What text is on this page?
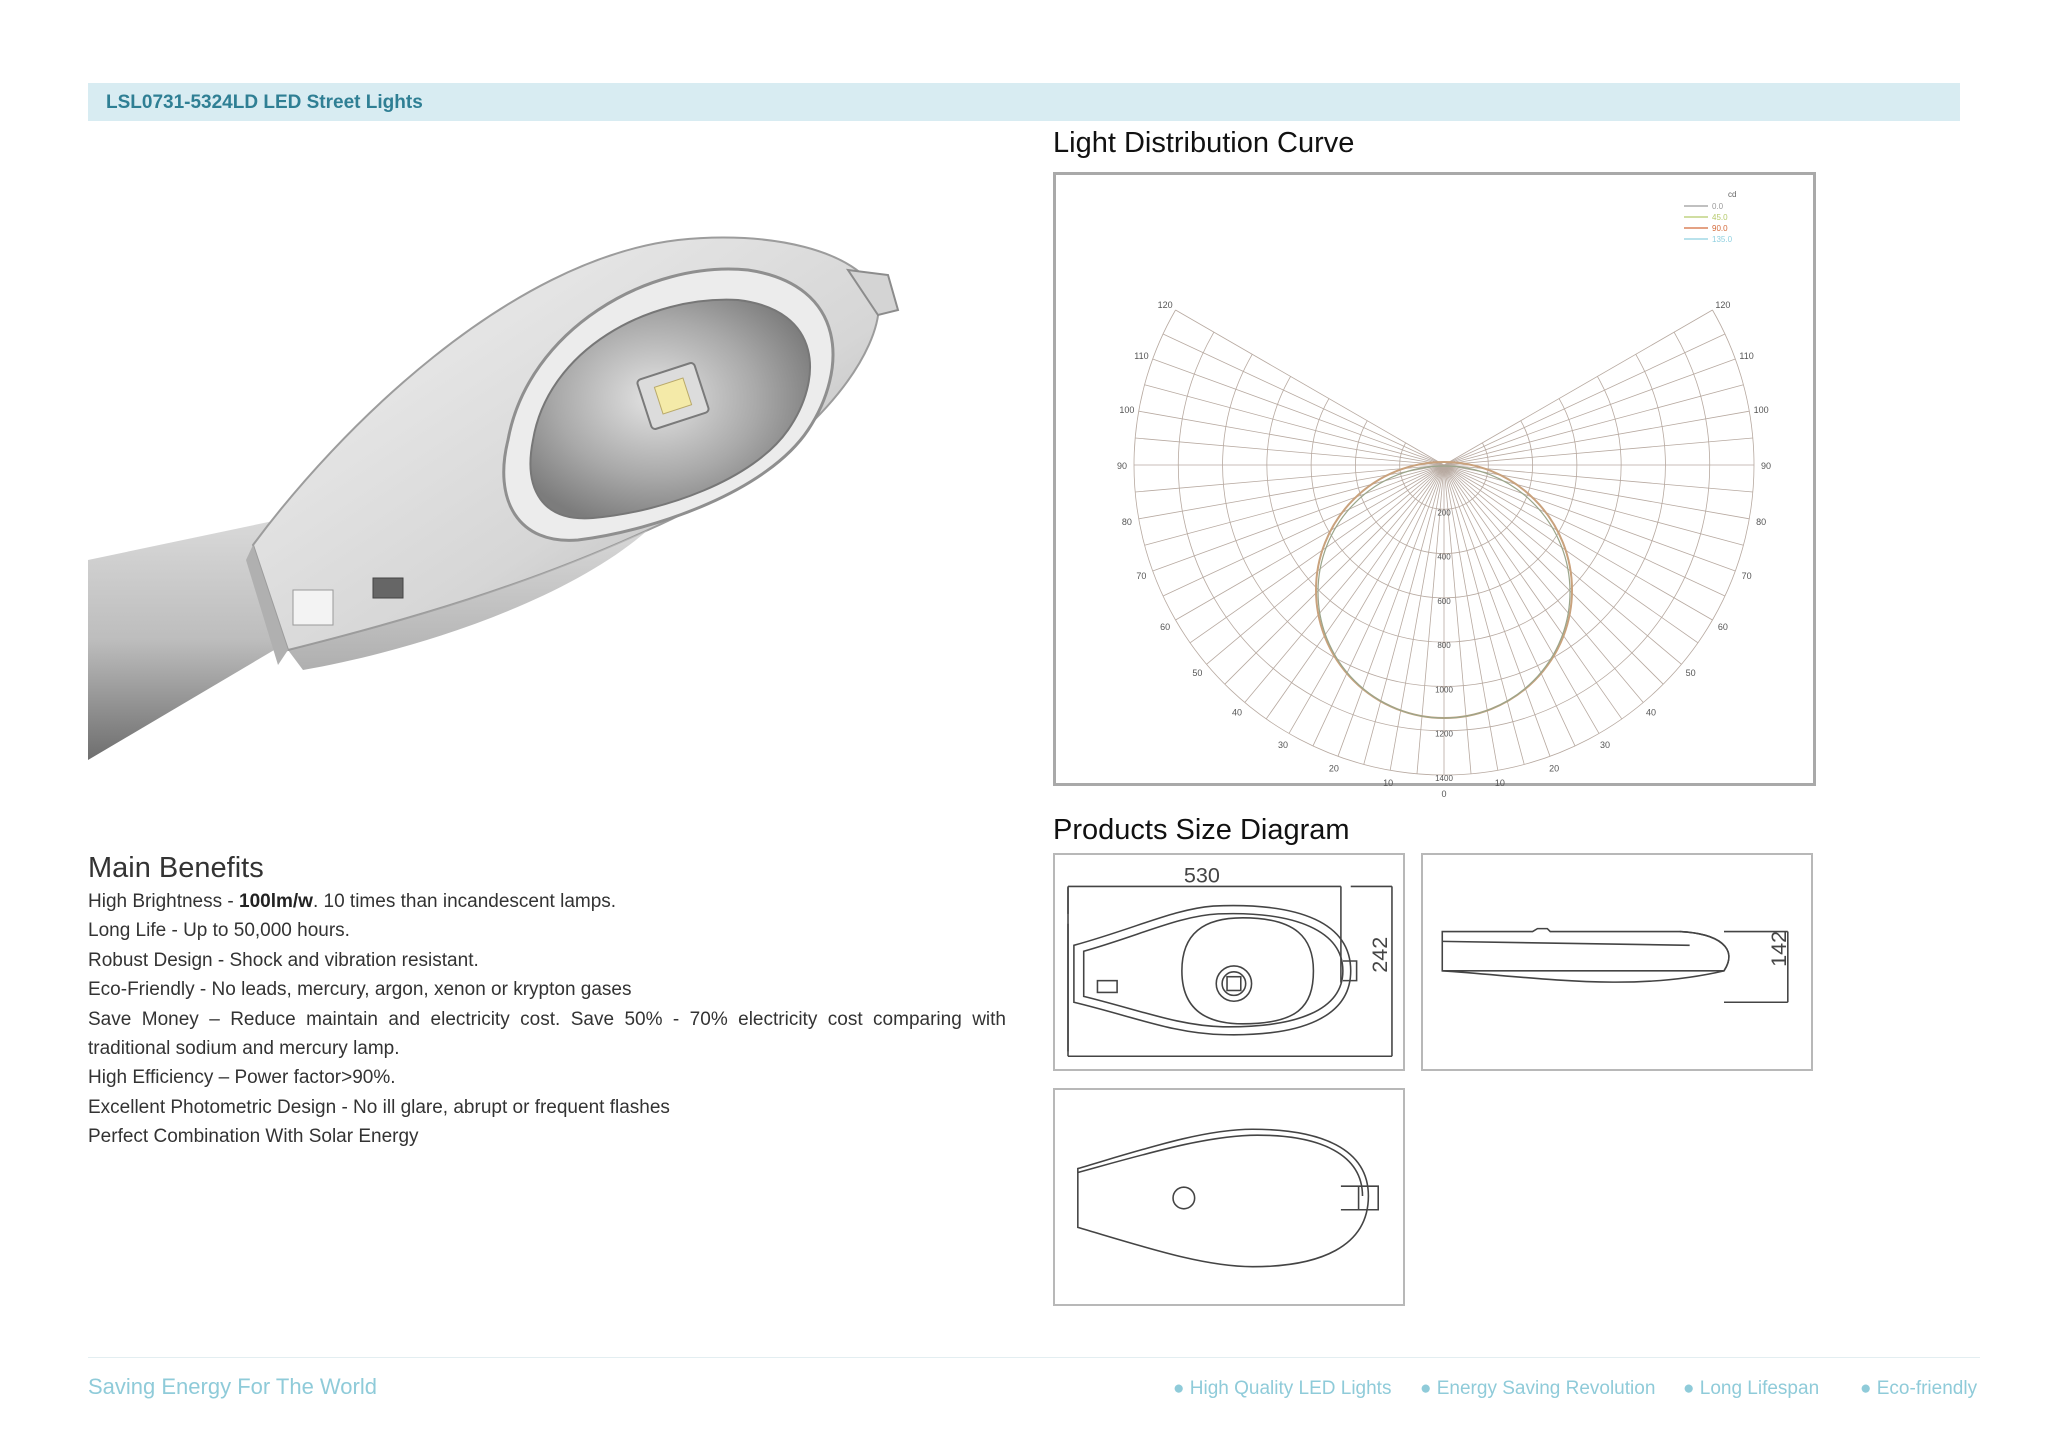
LSL0731-5324LD LED Street Lights
Light Distribution Curve
120	120
110	110
100	100
90	90
80	80
70	70
60	60
50	50
40	40
30	30
20	20
10	10
0
200
400
600
800
1000
1200
1400
cd
0.0
45.0
90.0
135.0
Products Size Diagram
530
242	142
Main Benefits
High Brightness - 100lm/w. 10 times than incandescent lamps.
Long Life - Up to 50,000 hours.
Robust Design - Shock and vibration resistant.
Eco-Friendly - No leads, mercury, argon, xenon or krypton gases
Save Money – Reduce maintain and electricity cost. Save 50% - 70% electricity cost comparing with traditional sodium and mercury lamp.
High Efficiency – Power factor>90%.
Excellent Photometric Design - No ill glare, abrupt or frequent flashes
Perfect Combination With Solar Energy
Saving Energy For The World	● High Quality LED Lights ● Energy Saving Revolution ● Long Lifespan ● Eco-friendly
